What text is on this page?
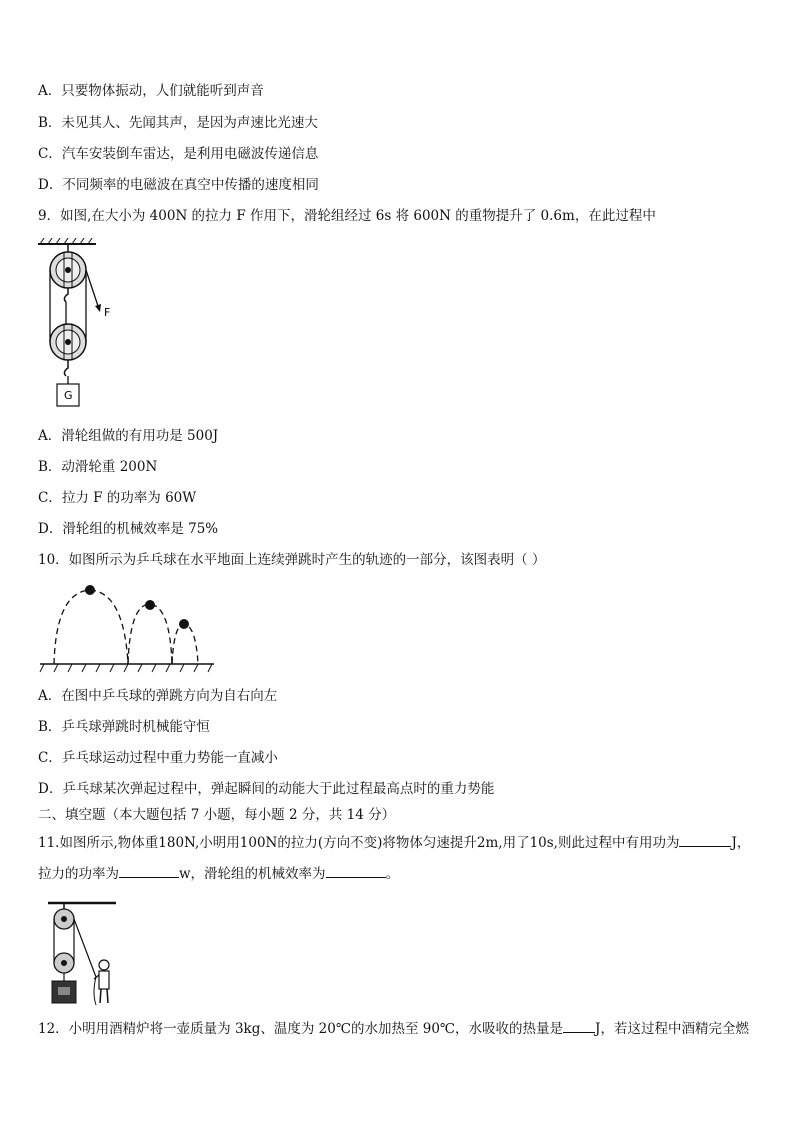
A．只要物体振动，人们就能听到声音
B．未见其人、先闻其声，是因为声速比光速大
C．汽车安装倒车雷达，是利用电磁波传递信息
D．不同频率的电磁波在真空中传播的速度相同
9．如图,在大小为 400N 的拉力 F 作用下，滑轮组经过 6s 将 600N 的重物提升了 0.6m，在此过程中
F
G
A．滑轮组做的有用功是 500J
B．动滑轮重 200N
C．拉力 F 的功率为 60W
D．滑轮组的机械效率是 75%
10．如图所示为乒乓球在水平地面上连续弹跳时产生的轨迹的一部分，该图表明（ ）
A．在图中乒乓球的弹跳方向为自右向左
B．乒乓球弹跳时机械能守恒
C．乒乓球运动过程中重力势能一直减小
D．乒乓球某次弹起过程中，弹起瞬间的动能大于此过程最高点时的重力势能
二、填空题（本大题包括 7 小题，每小题 2 分，共 14 分）
11.如图所示,物体重180N,小明用100N的拉力(方向不变)将物体匀速提升2m,用了10s,则此过程中有用功为	J，
拉力的功率为	w，滑轮组的机械效率为	。
12．小明用酒精炉将一壶质量为 3kg、温度为 20℃的水加热至 90℃，水吸收的热量是 J，若这过程中酒精完全燃
